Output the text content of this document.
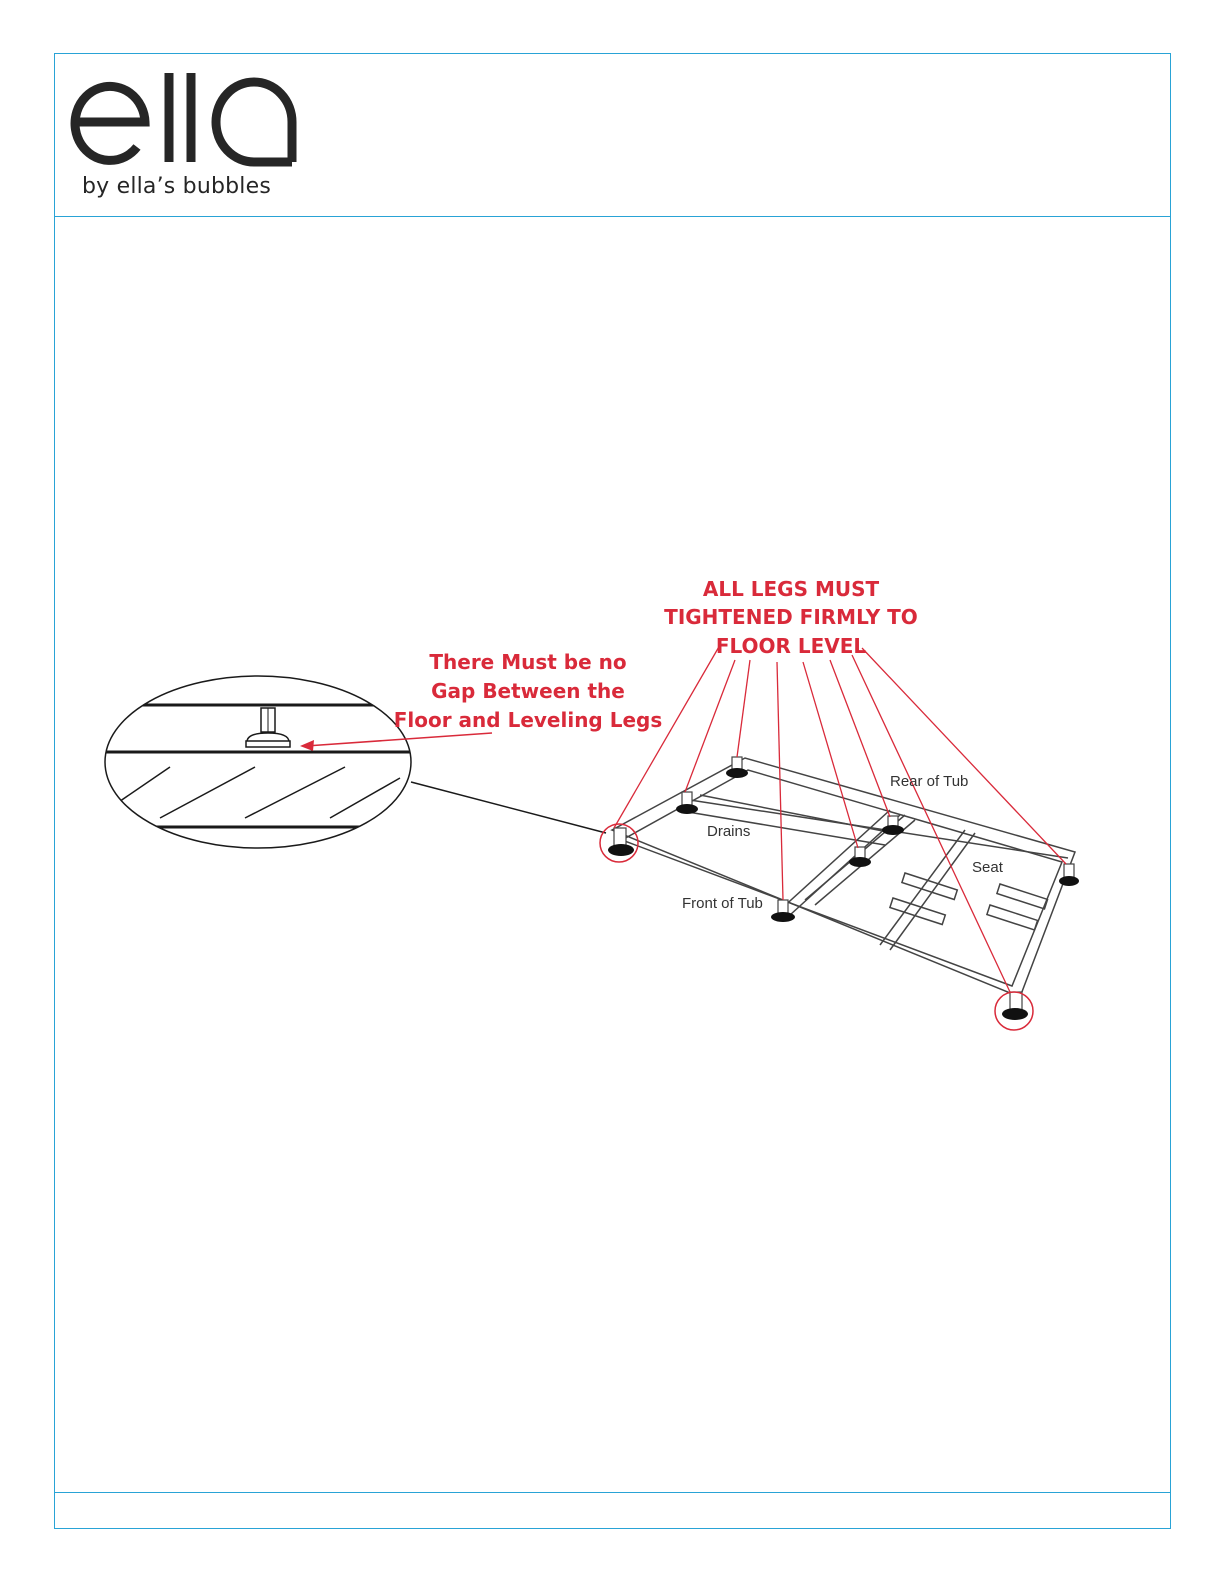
by ella’s bubbles
ALL LEGS MUST
TIGHTENED FIRMLY TO
FLOOR LEVEL
There Must be no
Gap Between the
Floor and Leveling Legs
Rear of Tub
Drains
Seat
Front of Tub
